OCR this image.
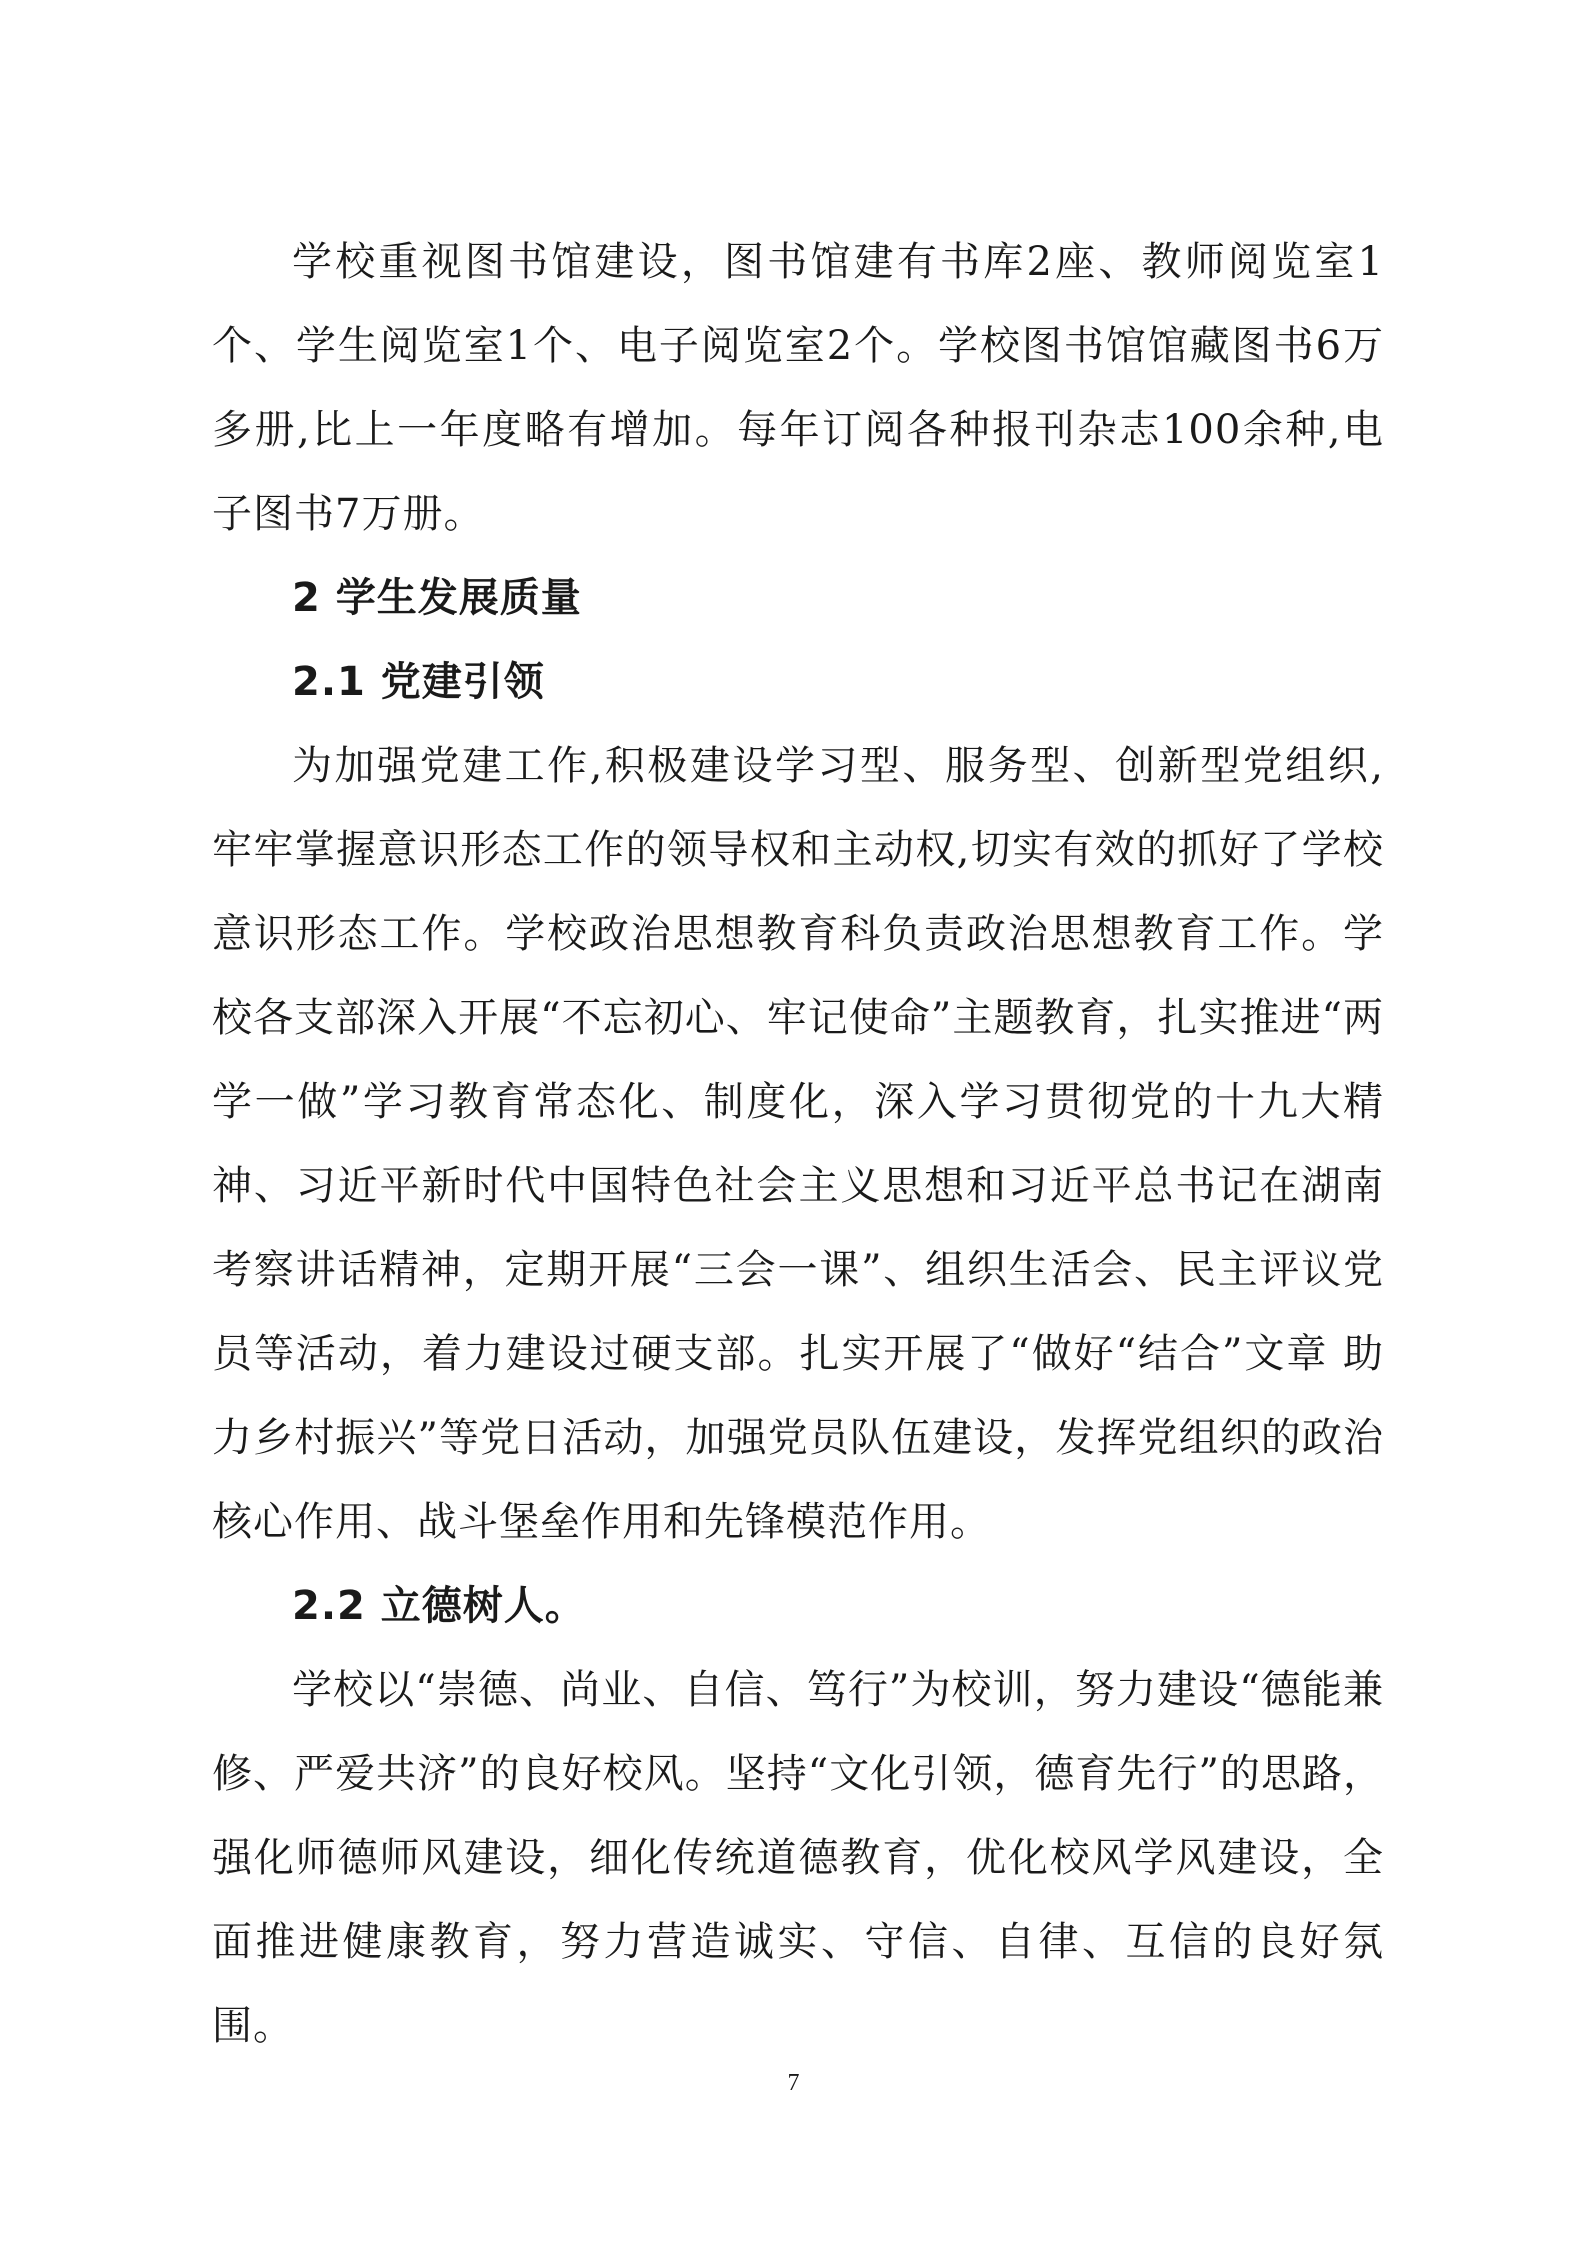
学校重视图书馆建设，图书馆建有书库2座、教师阅览室1个、学生阅览室1个、电子阅览室2个。学校图书馆馆藏图书6万多册,比上一年度略有增加。每年订阅各种报刊杂志100余种,电子图书7万册。

2 学生发展质量

2.1 党建引领

为加强党建工作,积极建设学习型、服务型、创新型党组织,牢牢掌握意识形态工作的领导权和主动权,切实有效的抓好了学校意识形态工作。学校政治思想教育科负责政治思想教育工作。学校各支部深入开展“不忘初心、牢记使命”主题教育，扎实推进“两学一做”学习教育常态化、制度化，深入学习贯彻党的十九大精神、习近平新时代中国特色社会主义思想和习近平总书记在湖南考察讲话精神，定期开展“三会一课”、组织生活会、民主评议党员等活动，着力建设过硬支部。扎实开展了“做好“结合”文章 助力乡村振兴”等党日活动，加强党员队伍建设，发挥党组织的政治核心作用、战斗堡垒作用和先锋模范作用。

2.2 立德树人。

学校以“崇德、尚业、自信、笃行”为校训，努力建设“德能兼修、严爱共济”的良好校风。坚持“文化引领，德育先行”的思路，强化师德师风建设，细化传统道德教育，优化校风学风建设，全面推进健康教育，努力营造诚实、守信、自律、互信的良好氛围。

7
